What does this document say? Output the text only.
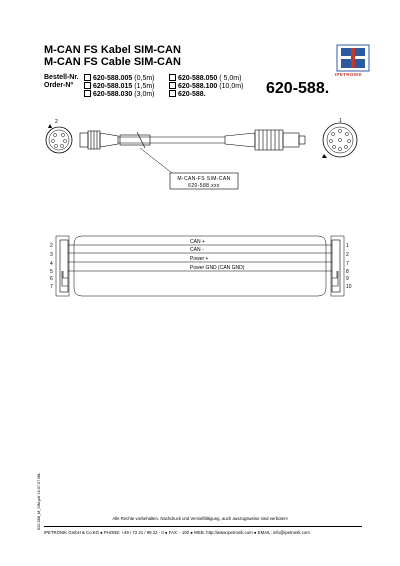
M-CAN FS Kabel SIM-CAN
M-CAN FS Cable SIM-CAN
IPETRONIK
Bestell-Nr.
Order-Nº
620-588.005 (0,5m)
620-588.015 (1,5m)
620-588.030 (3,0m)
620-588.050 ( 5,0m)
620-588.100 (10,0m)
620-588.	620-588.
2	1
M-CAN-FS SIM-CAN
620-588.xxx
2
3
4
5
6
7
1
2
7
8
9
10
CAN +
CAN -
Power +
Power GND (CAN GND)
620-588_M_SIM.pdf 16.07.07 MiL	Alle Rechte vorbehalten. Nachdruck und Vervielfältigung, auch auszugsweise sind verboten!
IPETRONIK GmbH & Co.KG ● PHONE: +49 / 72 21 / 99 22 - 0 ● FAX: - 100 ● WEB: http://www.ipetronik.com ● EMAIL: info@ipetronik.com
